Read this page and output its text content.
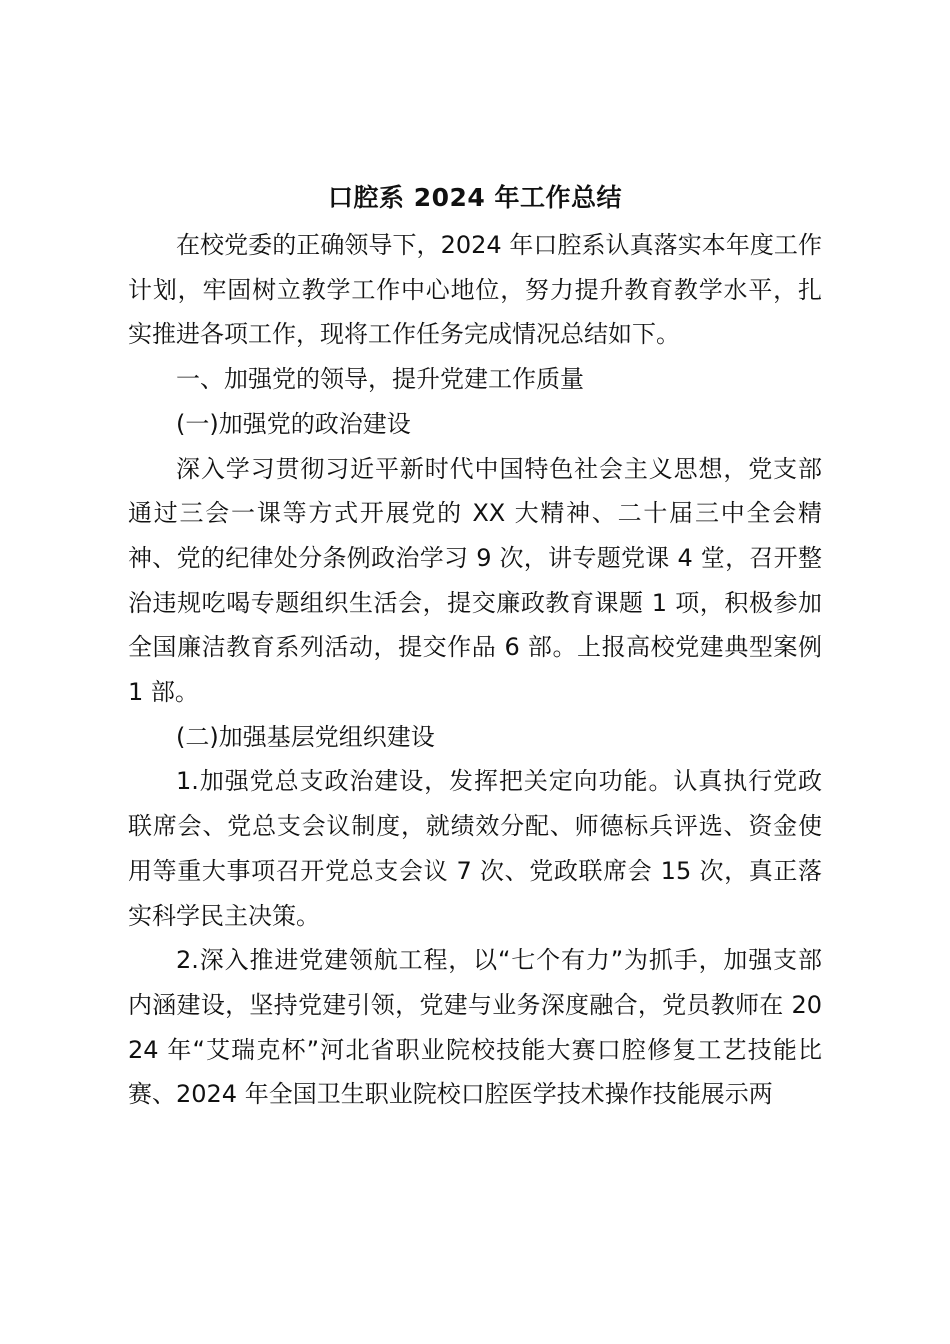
口腔系 2024 年工作总结

在校党委的正确领导下，2024 年口腔系认真落实本年度工作计划，牢固树立教学工作中心地位，努力提升教育教学水平，扎实推进各项工作，现将工作任务完成情况总结如下。

一、加强党的领导，提升党建工作质量

(一)加强党的政治建设

深入学习贯彻习近平新时代中国特色社会主义思想，党支部通过三会一课等方式开展党的 XX 大精神、二十届三中全会精神、党的纪律处分条例政治学习 9 次，讲专题党课 4 堂，召开整治违规吃喝专题组织生活会，提交廉政教育课题 1 项，积极参加全国廉洁教育系列活动，提交作品 6 部。上报高校党建典型案例 1 部。

(二)加强基层党组织建设

1.加强党总支政治建设，发挥把关定向功能。认真执行党政联席会、党总支会议制度，就绩效分配、师德标兵评选、资金使用等重大事项召开党总支会议 7 次、党政联席会 15 次，真正落实科学民主决策。

2.深入推进党建领航工程，以“七个有力”为抓手，加强支部内涵建设，坚持党建引领，党建与业务深度融合，党员教师在 2024 年“艾瑞克杯”河北省职业院校技能大赛口腔修复工艺技能比赛、2024 年全国卫生职业院校口腔医学技术操作技能展示两
